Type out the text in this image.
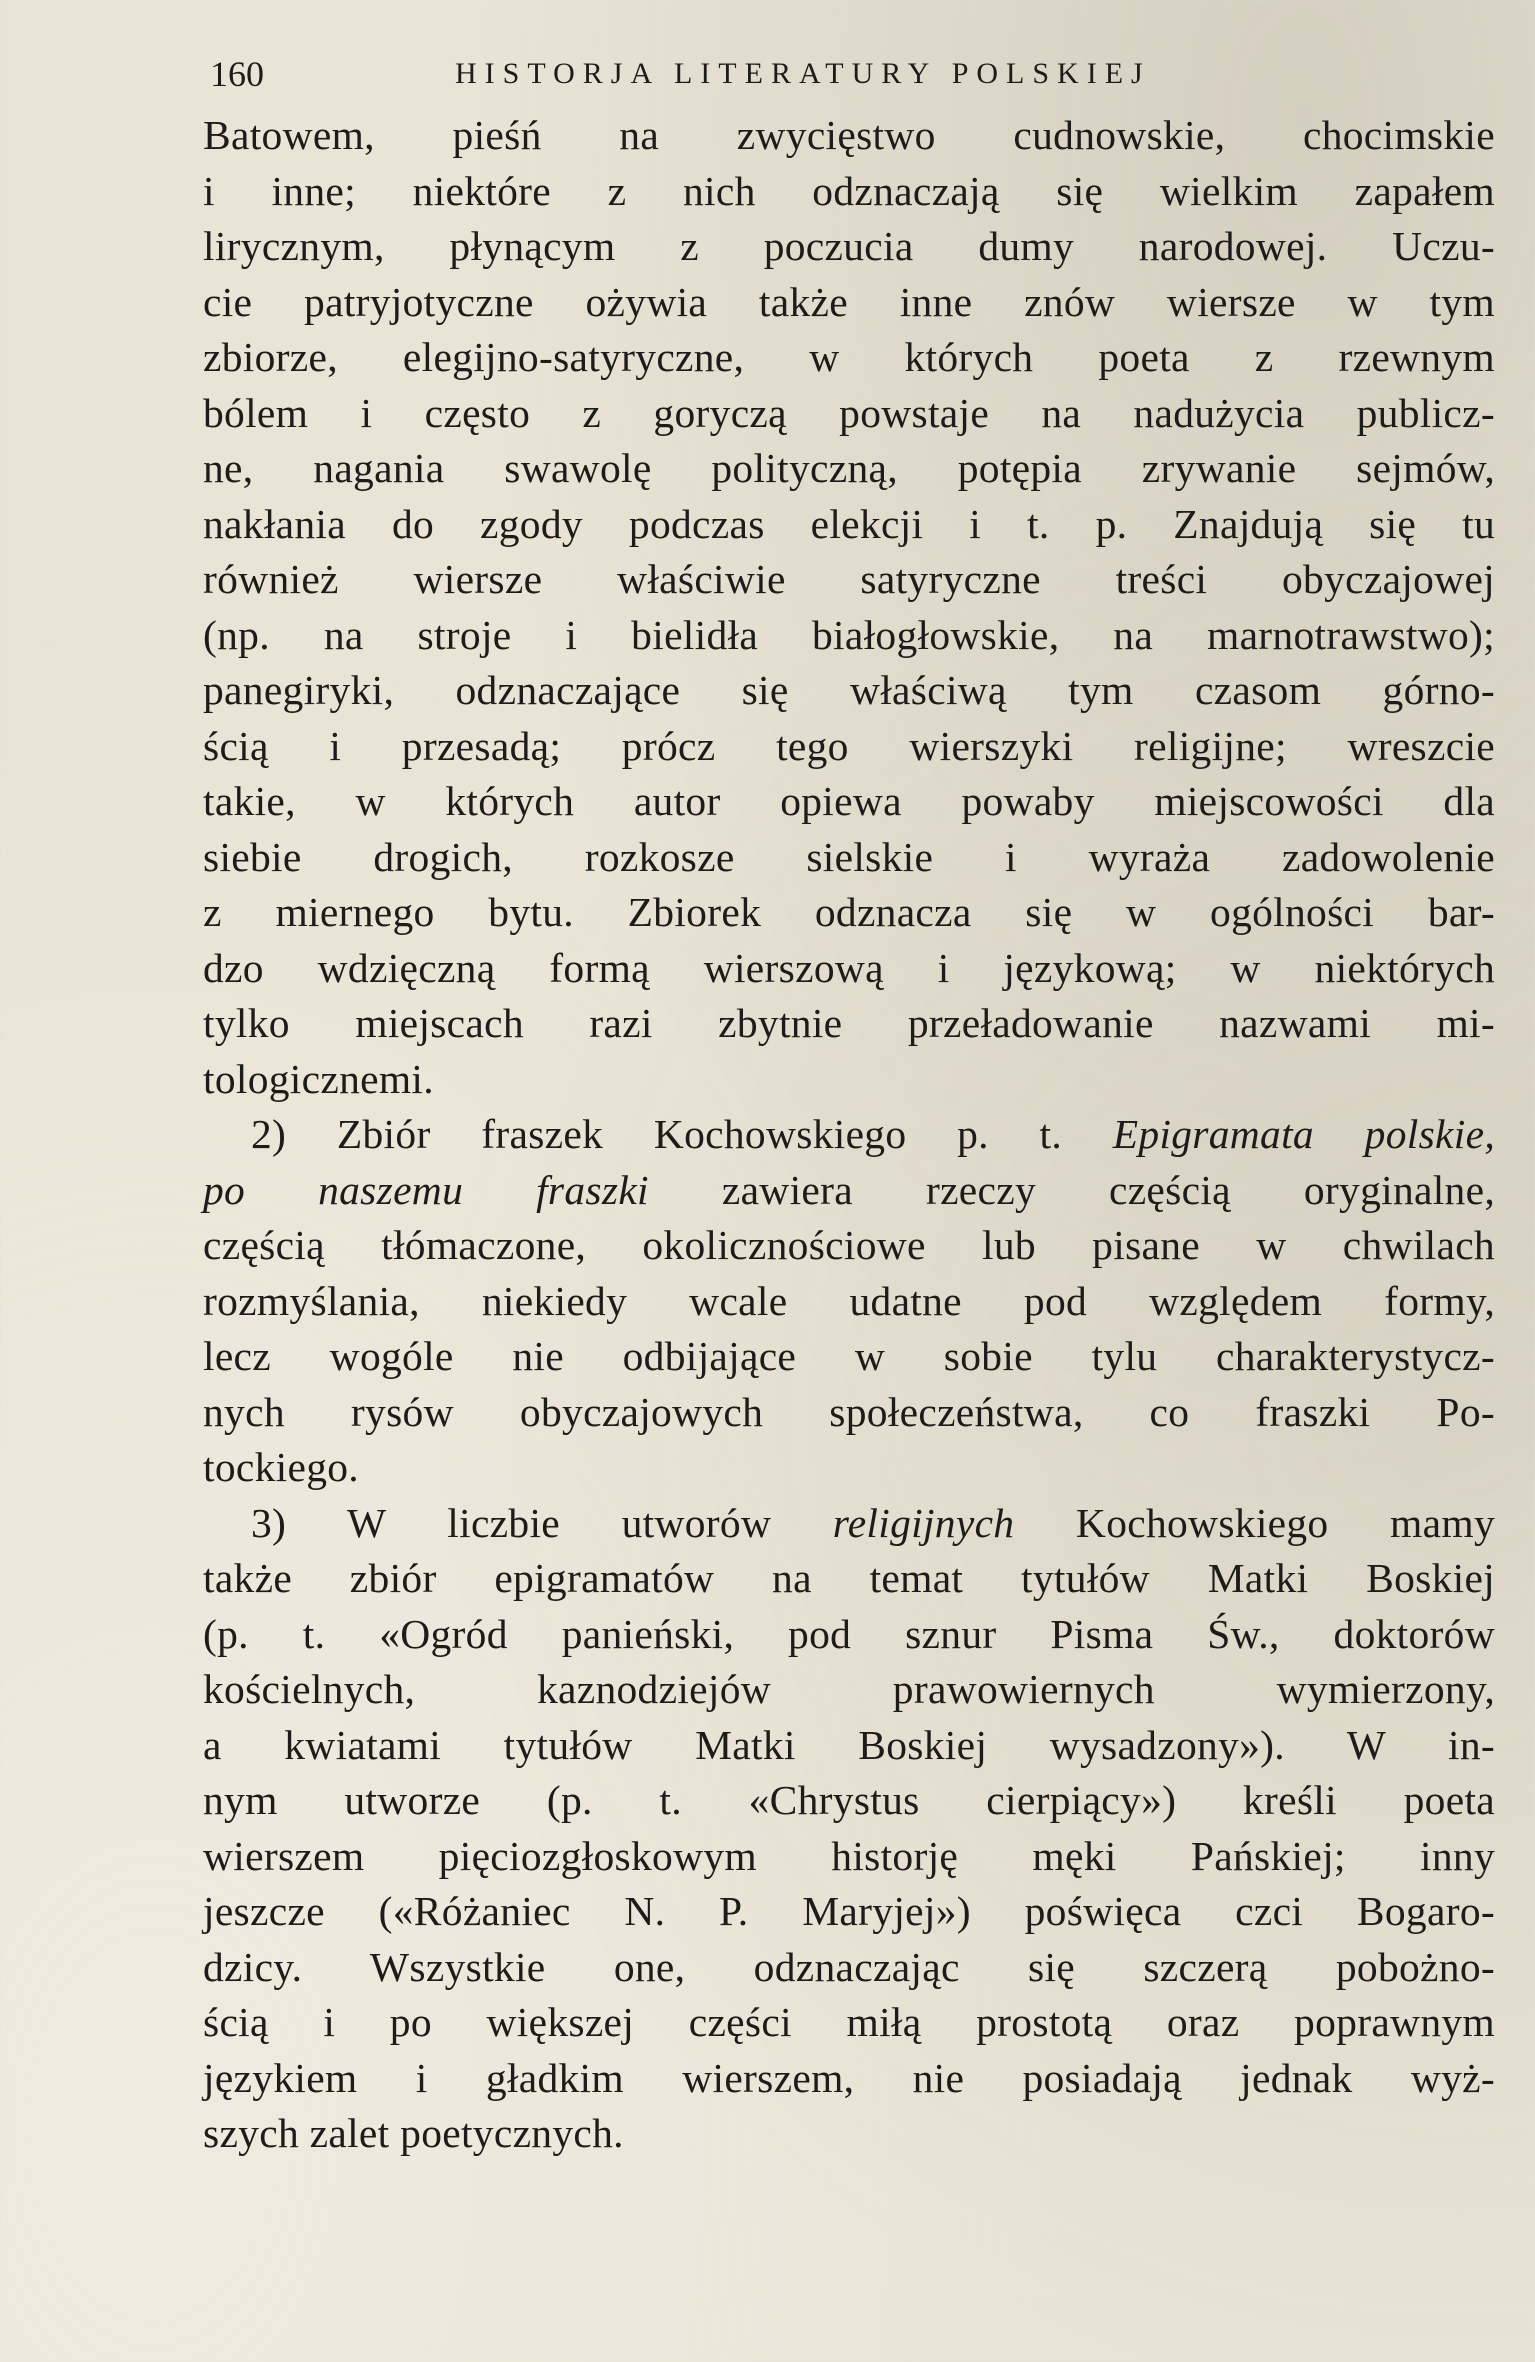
160	HISTORJA LITERATURY POLSKIEJ
Batowem, pieśń na zwycięstwo cudnowskie, chocimskie
i inne; niektóre z nich odznaczają się wielkim zapałem
lirycznym, płynącym z poczucia dumy narodowej. Uczu-
cie patryjotyczne ożywia także inne znów wiersze w tym
zbiorze, elegijno-satyryczne, w których poeta z rzewnym
bólem i często z goryczą powstaje na nadużycia publicz-
ne, nagania swawolę polityczną, potępia zrywanie sejmów,
nakłania do zgody podczas elekcji i t. p. Znajdują się tu
również wiersze właściwie satyryczne treści obyczajowej
(np. na stroje i bielidła białogłowskie, na marnotrawstwo);
panegiryki, odznaczające się właściwą tym czasom górno-
ścią i przesadą; prócz tego wierszyki religijne; wreszcie
takie, w których autor opiewa powaby miejscowości dla
siebie drogich, rozkosze sielskie i wyraża zadowolenie
z miernego bytu. Zbiorek odznacza się w ogólności bar-
dzo wdzięczną formą wierszową i językową; w niektórych
tylko miejscach razi zbytnie przeładowanie nazwami mi-
tologicznemi.
2) Zbiór fraszek Kochowskiego p. t. Epigramata polskie,
po naszemu fraszki zawiera rzeczy częścią oryginalne,
częścią tłómaczone, okolicznościowe lub pisane w chwilach
rozmyślania, niekiedy wcale udatne pod względem formy,
lecz wogóle nie odbijające w sobie tylu charakterystycz-
nych rysów obyczajowych społeczeństwa, co fraszki Po-
tockiego.
3) W liczbie utworów religijnych Kochowskiego mamy
także zbiór epigramatów na temat tytułów Matki Boskiej
(p. t. «Ogród panieński, pod sznur Pisma Św., doktorów
kościelnych, kaznodziejów prawowiernych wymierzony,
a kwiatami tytułów Matki Boskiej wysadzony»). W in-
nym utworze (p. t. «Chrystus cierpiący») kreśli poeta
wierszem pięciozgłoskowym historję męki Pańskiej; inny
jeszcze («Różaniec N. P. Maryjej») poświęca czci Bogaro-
dzicy. Wszystkie one, odznaczając się szczerą pobożno-
ścią i po większej części miłą prostotą oraz poprawnym
językiem i gładkim wierszem, nie posiadają jednak wyż-
szych zalet poetycznych.
